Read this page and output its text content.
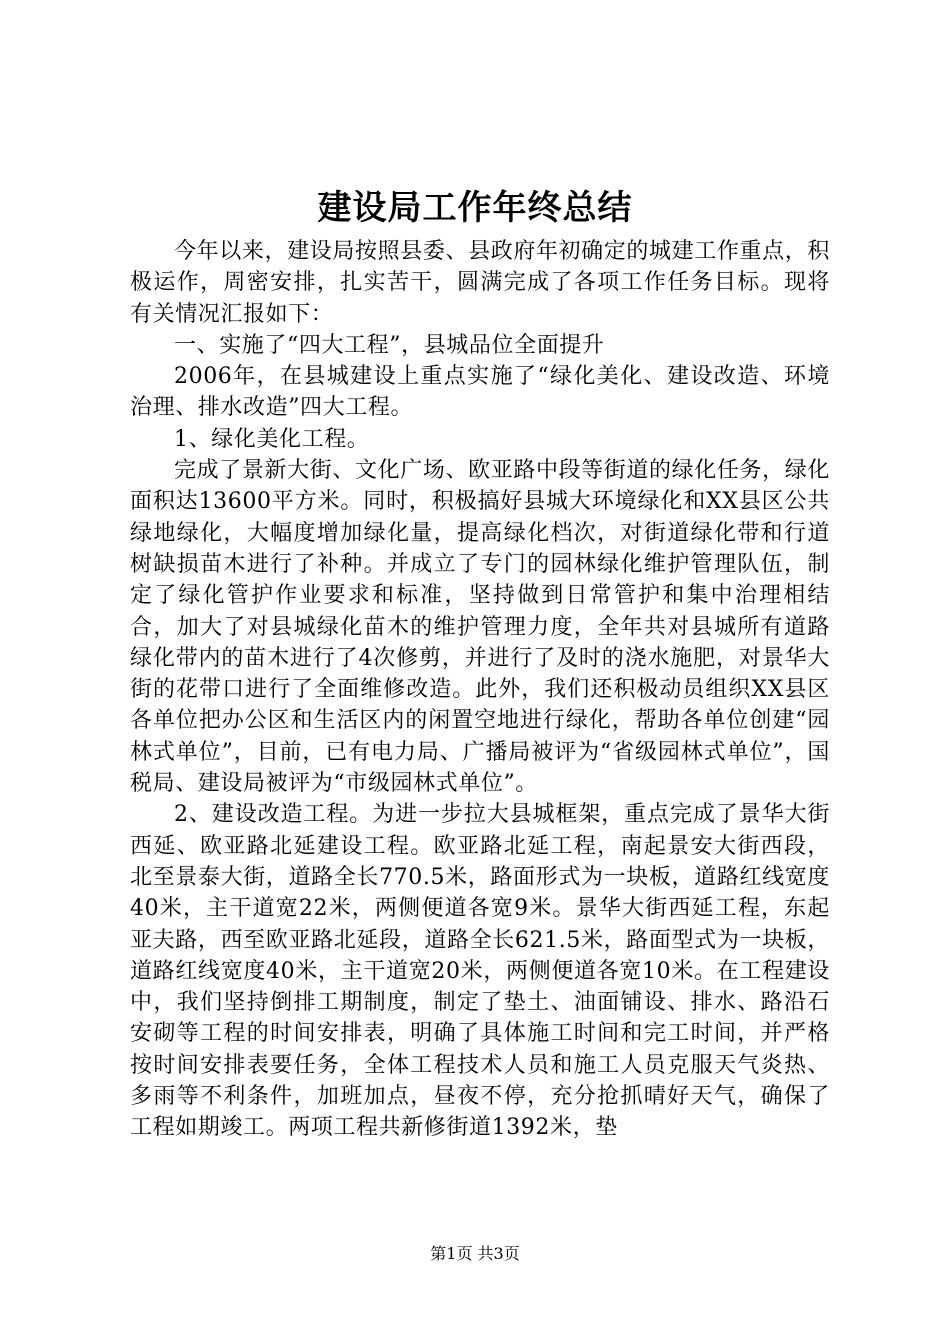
建设局工作年终总结

今年以来，建设局按照县委、县政府年初确定的城建工作重点，积极运作，周密安排，扎实苦干，圆满完成了各项工作任务目标。现将有关情况汇报如下：

一、实施了“四大工程”，县城品位全面提升

2006年，在县城建设上重点实施了“绿化美化、建设改造、环境治理、排水改造”四大工程。

1、绿化美化工程。

完成了景新大街、文化广场、欧亚路中段等街道的绿化任务，绿化面积达13600平方米。同时，积极搞好县城大环境绿化和XX县区公共绿地绿化，大幅度增加绿化量，提高绿化档次，对街道绿化带和行道树缺损苗木进行了补种。并成立了专门的园林绿化维护管理队伍，制定了绿化管护作业要求和标准，坚持做到日常管护和集中治理相结合，加大了对县城绿化苗木的维护管理力度，全年共对县城所有道路绿化带内的苗木进行了4次修剪，并进行了及时的浇水施肥，对景华大街的花带口进行了全面维修改造。此外，我们还积极动员组织XX县区各单位把办公区和生活区内的闲置空地进行绿化，帮助各单位创建“园林式单位”，目前，已有电力局、广播局被评为“省级园林式单位”，国税局、建设局被评为“市级园林式单位”。

2、建设改造工程。为进一步拉大县城框架，重点完成了景华大街西延、欧亚路北延建设工程。欧亚路北延工程，南起景安大街西段，北至景泰大街，道路全长770.5米，路面形式为一块板，道路红线宽度40米，主干道宽22米，两侧便道各宽9米。景华大街西延工程，东起亚夫路，西至欧亚路北延段，道路全长621.5米，路面型式为一块板，道路红线宽度40米，主干道宽20米，两侧便道各宽10米。在工程建设中，我们坚持倒排工期制度，制定了垫土、油面铺设、排水、路沿石安砌等工程的时间安排表，明确了具体施工时间和完工时间，并严格按时间安排表要任务，全体工程技术人员和施工人员克服天气炎热、多雨等不利条件，加班加点，昼夜不停，充分抢抓晴好天气，确保了工程如期竣工。两项工程共新修街道1392米，垫

第1页 共3页
